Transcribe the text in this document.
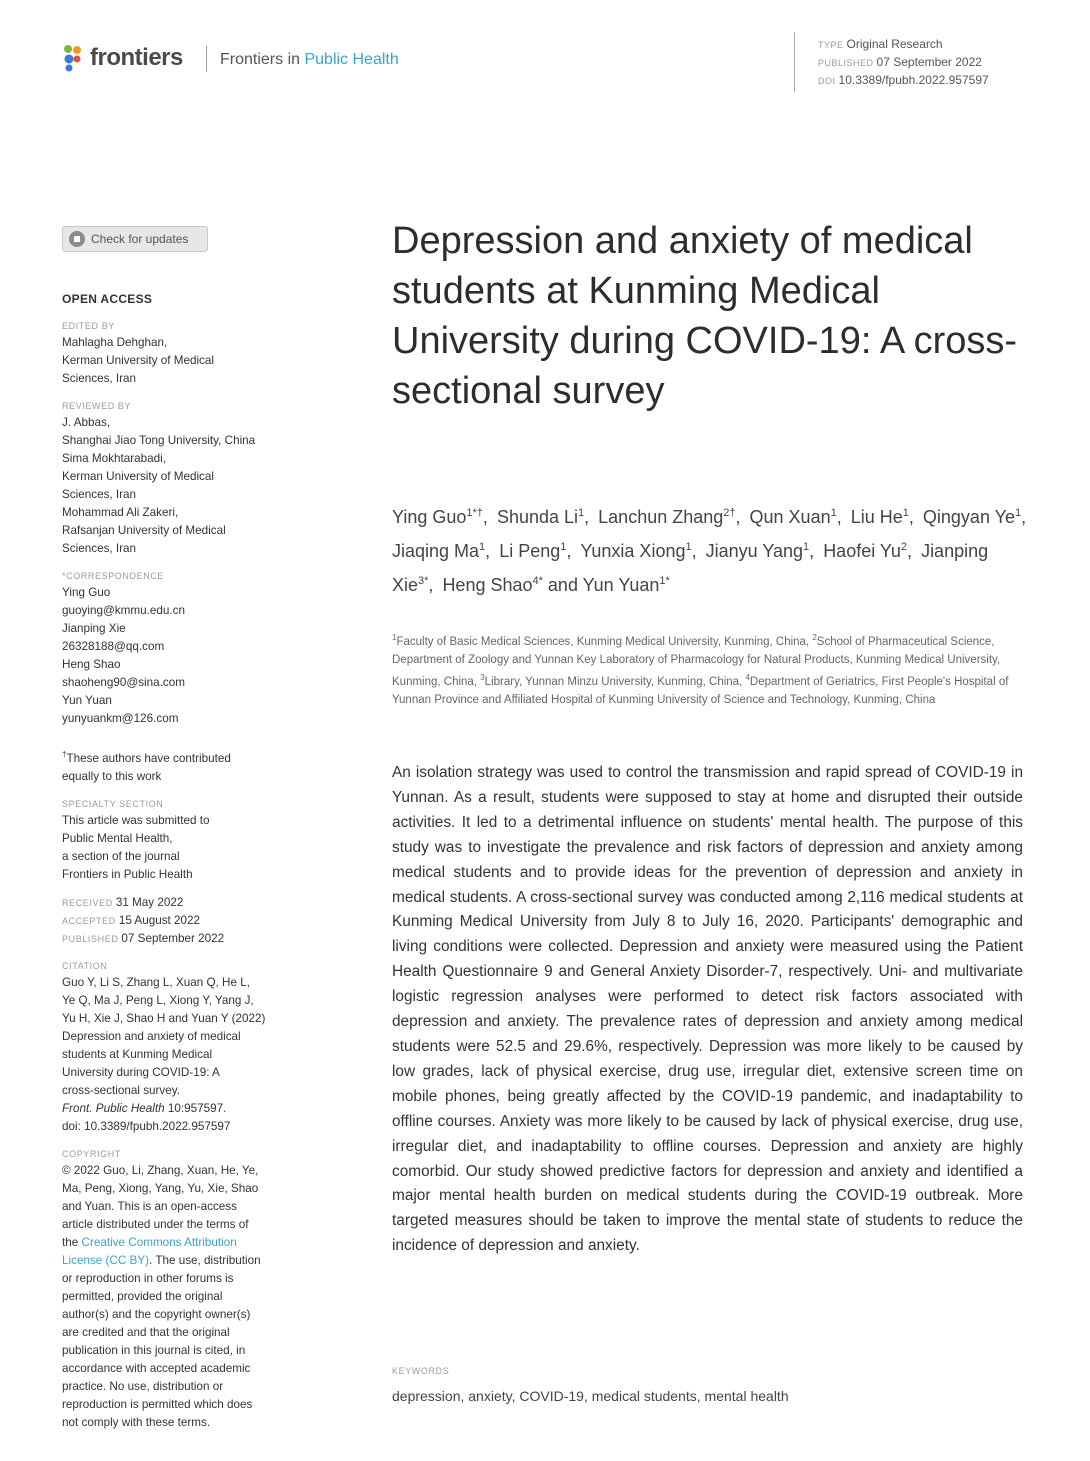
frontiers Frontiers in Public Health
TYPE Original Research
PUBLISHED 07 September 2022
DOI 10.3389/fpubh.2022.957597
Check for updates

OPEN ACCESS

EDITED BY

Mahlagha Dehghan,

Kerman University of Medical

Sciences, Iran

REVIEWED BY

J. Abbas,

Shanghai Jiao Tong University, China

Sima Mokhtarabadi,

Kerman University of Medical

Sciences, Iran

Mohammad Ali Zakeri,

Rafsanjan University of Medical

Sciences, Iran

*CORRESPONDENCE

Ying Guo

guoying@kmmu.edu.cn

Jianping Xie

26328188@qq.com

Heng Shao

shaoheng90@sina.com

Yun Yuan

yunyuankm@126.com

†These authors have contributed

equally to this work

SPECIALTY SECTION

This article was submitted to

Public Mental Health,

a section of the journal

Frontiers in Public Health

RECEIVED 31 May 2022

ACCEPTED 15 August 2022

PUBLISHED 07 September 2022

CITATION

Guo Y, Li S, Zhang L, Xuan Q, He L,

Ye Q, Ma J, Peng L, Xiong Y, Yang J,

Yu H, Xie J, Shao H and Yuan Y (2022)

Depression and anxiety of medical

students at Kunming Medical

University during COVID-19: A

cross-sectional survey.

Front. Public Health 10:957597.

doi: 10.3389/fpubh.2022.957597

COPYRIGHT

© 2022 Guo, Li, Zhang, Xuan, He, Ye,

Ma, Peng, Xiong, Yang, Yu, Xie, Shao

and Yuan. This is an open-access

article distributed under the terms of

the Creative Commons Attribution

License (CC BY). The use, distribution

or reproduction in other forums is

permitted, provided the original

author(s) and the copyright owner(s)

are credited and that the original

publication in this journal is cited, in

accordance with accepted academic

practice. No use, distribution or

reproduction is permitted which does

not comply with these terms.

Depression and anxiety of medical students at Kunming Medical University during COVID-19: A cross-sectional survey
Ying Guo$^{1*\dagger}$, Shunda Li$^1$, Lanchun Zhang$^{2\dagger}$, Qun Xuan$^1$, Liu He$^1$, Qingyan Ye$^1$, Jiaqing Ma$^1$, Li Peng$^1$, Yunxia Xiong$^1$, Jianyu Yang$^1$, Haofei Yu$^2$, Jianping Xie$^{3*}$, Heng Shao$^{4*}$ and Yun Yuan$^{1*}$
$^1$Faculty of Basic Medical Sciences, Kunming Medical University, Kunming, China, $^2$School of Pharmaceutical Science, Department of Zoology and Yunnan Key Laboratory of Pharmacology for Natural Products, Kunming Medical University, Kunming, China, $^3$Library, Yunnan Minzu University, Kunming, China, $^4$Department of Geriatrics, First People's Hospital of Yunnan Province and Affiliated Hospital of Kunming University of Science and Technology, Kunming, China
An isolation strategy was used to control the transmission and rapid spread of COVID-19 in Yunnan. As a result, students were supposed to stay at home and disrupted their outside activities. It led to a detrimental influence on students' mental health. The purpose of this study was to investigate the prevalence and risk factors of depression and anxiety among medical students and to provide ideas for the prevention of depression and anxiety in medical students. A cross-sectional survey was conducted among 2,116 medical students at Kunming Medical University from July 8 to July 16, 2020. Participants' demographic and living conditions were collected. Depression and anxiety were measured using the Patient Health Questionnaire 9 and General Anxiety Disorder-7, respectively. Uni- and multivariate logistic regression analyses were performed to detect risk factors associated with depression and anxiety. The prevalence rates of depression and anxiety among medical students were 52.5 and 29.6%, respectively. Depression was more likely to be caused by low grades, lack of physical exercise, drug use, irregular diet, extensive screen time on mobile phones, being greatly affected by the COVID-19 pandemic, and inadaptability to offline courses. Anxiety was more likely to be caused by lack of physical exercise, drug use, irregular diet, and inadaptability to offline courses. Depression and anxiety are highly comorbid. Our study showed predictive factors for depression and anxiety and identified a major mental health burden on medical students during the COVID-19 outbreak. More targeted measures should be taken to improve the mental state of students to reduce the incidence of depression and anxiety.
KEYWORDS
depression, anxiety, COVID-19, medical students, mental health
